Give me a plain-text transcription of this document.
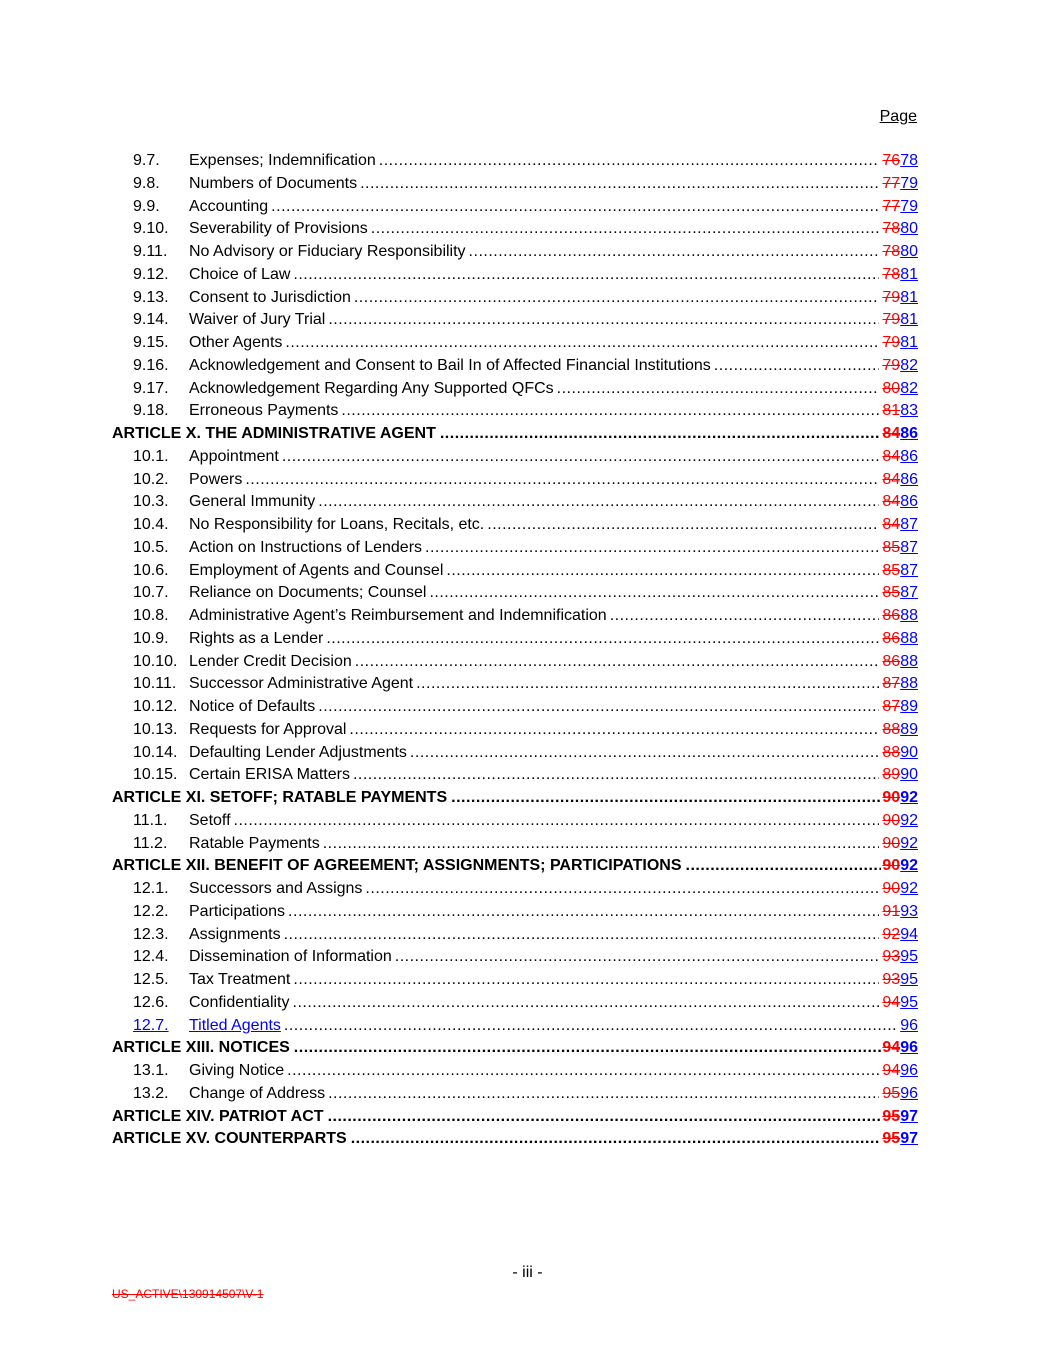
Page
9.7.	Expenses; Indemnification .....	7678
9.8.	Numbers of Documents .....	7779
9.9.	Accounting .....	7779
9.10.	Severability of Provisions .....	7880
9.11.	No Advisory or Fiduciary Responsibility .....	7880
9.12.	Choice of Law .....	7881
9.13.	Consent to Jurisdiction .....	7981
9.14.	Waiver of Jury Trial .....	7981
9.15.	Other Agents .....	7981
9.16.	Acknowledgement and Consent to Bail In of Affected Financial Institutions .....	7982
9.17.	Acknowledgement Regarding Any Supported QFCs .....	8082
9.18.	Erroneous Payments .....	8183
ARTICLE X. THE ADMINISTRATIVE AGENT .....	8486
10.1.	Appointment .....	8486
10.2.	Powers .....	8486
10.3.	General Immunity .....	8486
10.4.	No Responsibility for Loans, Recitals, etc. .....	8487
10.5.	Action on Instructions of Lenders .....	8587
10.6.	Employment of Agents and Counsel .....	8587
10.7.	Reliance on Documents; Counsel .....	8587
10.8.	Administrative Agent’s Reimbursement and Indemnification .....	8688
10.9.	Rights as a Lender .....	8688
10.10. Lender Credit Decision .....	8688
10.11. Successor Administrative Agent .....	8788
10.12. Notice of Defaults .....	8789
10.13. Requests for Approval .....	8889
10.14. Defaulting Lender Adjustments .....	8890
10.15. Certain ERISA Matters .....	8990
ARTICLE XI. SETOFF; RATABLE PAYMENTS .....	9092
11.1.	Setoff .....	9092
11.2.	Ratable Payments .....	9092
ARTICLE XII. BENEFIT OF AGREEMENT; ASSIGNMENTS; PARTICIPATIONS .....	9092
12.1.	Successors and Assigns .....	9092
12.2.	Participations .....	9193
12.3.	Assignments .....	9294
12.4.	Dissemination of Information .....	9395
12.5.	Tax Treatment .....	9395
12.6.	Confidentiality .....	9495
12.7.	Titled Agents .....	96
ARTICLE XIII. NOTICES .....	9496
13.1.	Giving Notice .....	9496
13.2.	Change of Address .....	9596
ARTICLE XIV. PATRIOT ACT .....	9597
ARTICLE XV. COUNTERPARTS .....	9597
- iii -
US_ACTIVE\130914507\V-1
